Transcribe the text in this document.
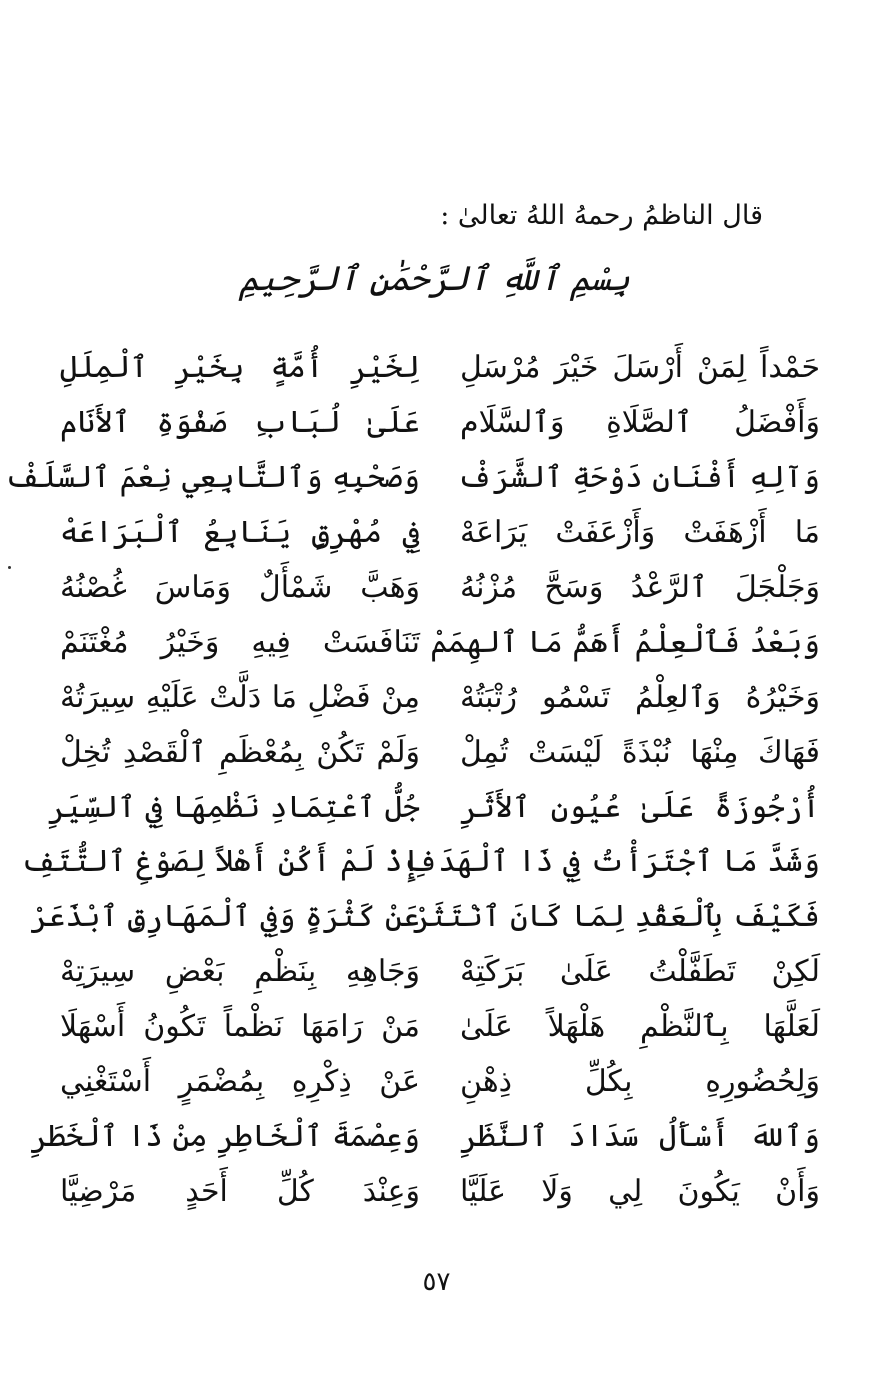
قال الناظمُ رحمهُ اللهُ تعالىٰ :
بِسْمِ ٱللَّهِ ٱلرَّحْمَٰنِ ٱلرَّحِيمِ
حَمْداً لِمَنْ أَرْسَلَ خَيْرَ مُرْسَلِ
لِخَيْرِ أُمَّةٍ بِخَيْرِ ٱلْمِلَلِ
وَأَفْضَلُ ٱلصَّلَاةِ وَٱلسَّلَام
عَلَىٰ لُبَابِ صَفْوَةِ ٱلأَنَام
وَآلِهِ أَفْنَانِ دَوْحَةِ ٱلشَّرَفْ
وَصَحْبِهِ وَٱلتَّابِعِي نِعْمَ ٱلسَّلَفْ
مَا أَزْهَفَتْ وَأَزْعَفَتْ يَرَاعَهْ
فِي مُهْرِقٍ يَنَابِعُ ٱلْبَرَاعَهْ
وَجَلْجَلَ ٱلرَّعْدُ وَسَحَّ مُزْنُهُ
وَهَبَّ شَمْأَلٌ وَمَاسَ غُصْنُهُ
وَبَعْدُ فَٱلْعِلْمُ أَهَمُّ مَا ٱلهِمَمْ
تَنَافَسَتْ فِيهِ وَخَيْرُ مُغْتَنَمْ
وَخَيْرُهُ وَٱلعِلْمُ تَسْمُو رُتْبَتُهْ
مِنْ فَضْلِ مَا دَلَّتْ عَلَيْهِ سِيرَتُهْ
فَهَاكَ مِنْهَا نُبْذَةً لَيْسَتْ تُمِلْ
وَلَمْ تَكُنْ بِمُعْظَمِ ٱلْقَصْدِ تُخِلْ
أُرْجُوزَةً عَلَىٰ عُيُونِ ٱلأَثَرِ
جُلُّ ٱعْتِمَادِ نَظْمِهَا فِي ٱلسِّيَرِ
وَشَدَّ مَا ٱجْتَرَأْتُ فِي ذَا ٱلْهَدَفِ
إِذْ لَمْ أَكُنْ أَهْلاً لِصَوْغِ ٱلتُّتَفِ
فَكَيْفَ بِٱلْعَقْدِ لِمَا كَانَ ٱنْتَثَرْ
عَنْ كَثْرَةٍ وَفِي ٱلْمَهَارِقِ ٱبْذَعَرْ
لَكِنْ تَطَفَّلْتُ عَلَىٰ بَرَكَتِهْ
وَجَاهِهِ بِنَظْمِ بَعْضِ سِيرَتِهْ
لَعَلَّهَا بِٱلنَّظْمِ هَلْهَلاً عَلَىٰ
مَنْ رَامَهَا نَظْماً تَكُونُ أَسْهَلَا
وَلِحُضُورِهِ بِكُلِّ ذِهْنِ
عَنْ ذِكْرِهِ بِمُضْمَرٍ أَسْتَغْنِي
وَٱللهَ أَسْأَلُ سَدَادَ ٱلنَّظَرِ
وَعِصْمَةَ ٱلْخَاطِرِ مِنْ ذَا ٱلْخَطَرِ
وَأَنْ يَكُونَ لِي وَلَا عَلَيَّا
وَعِنْدَ كُلِّ أَحَدٍ مَرْضِيَّا
٥٧
